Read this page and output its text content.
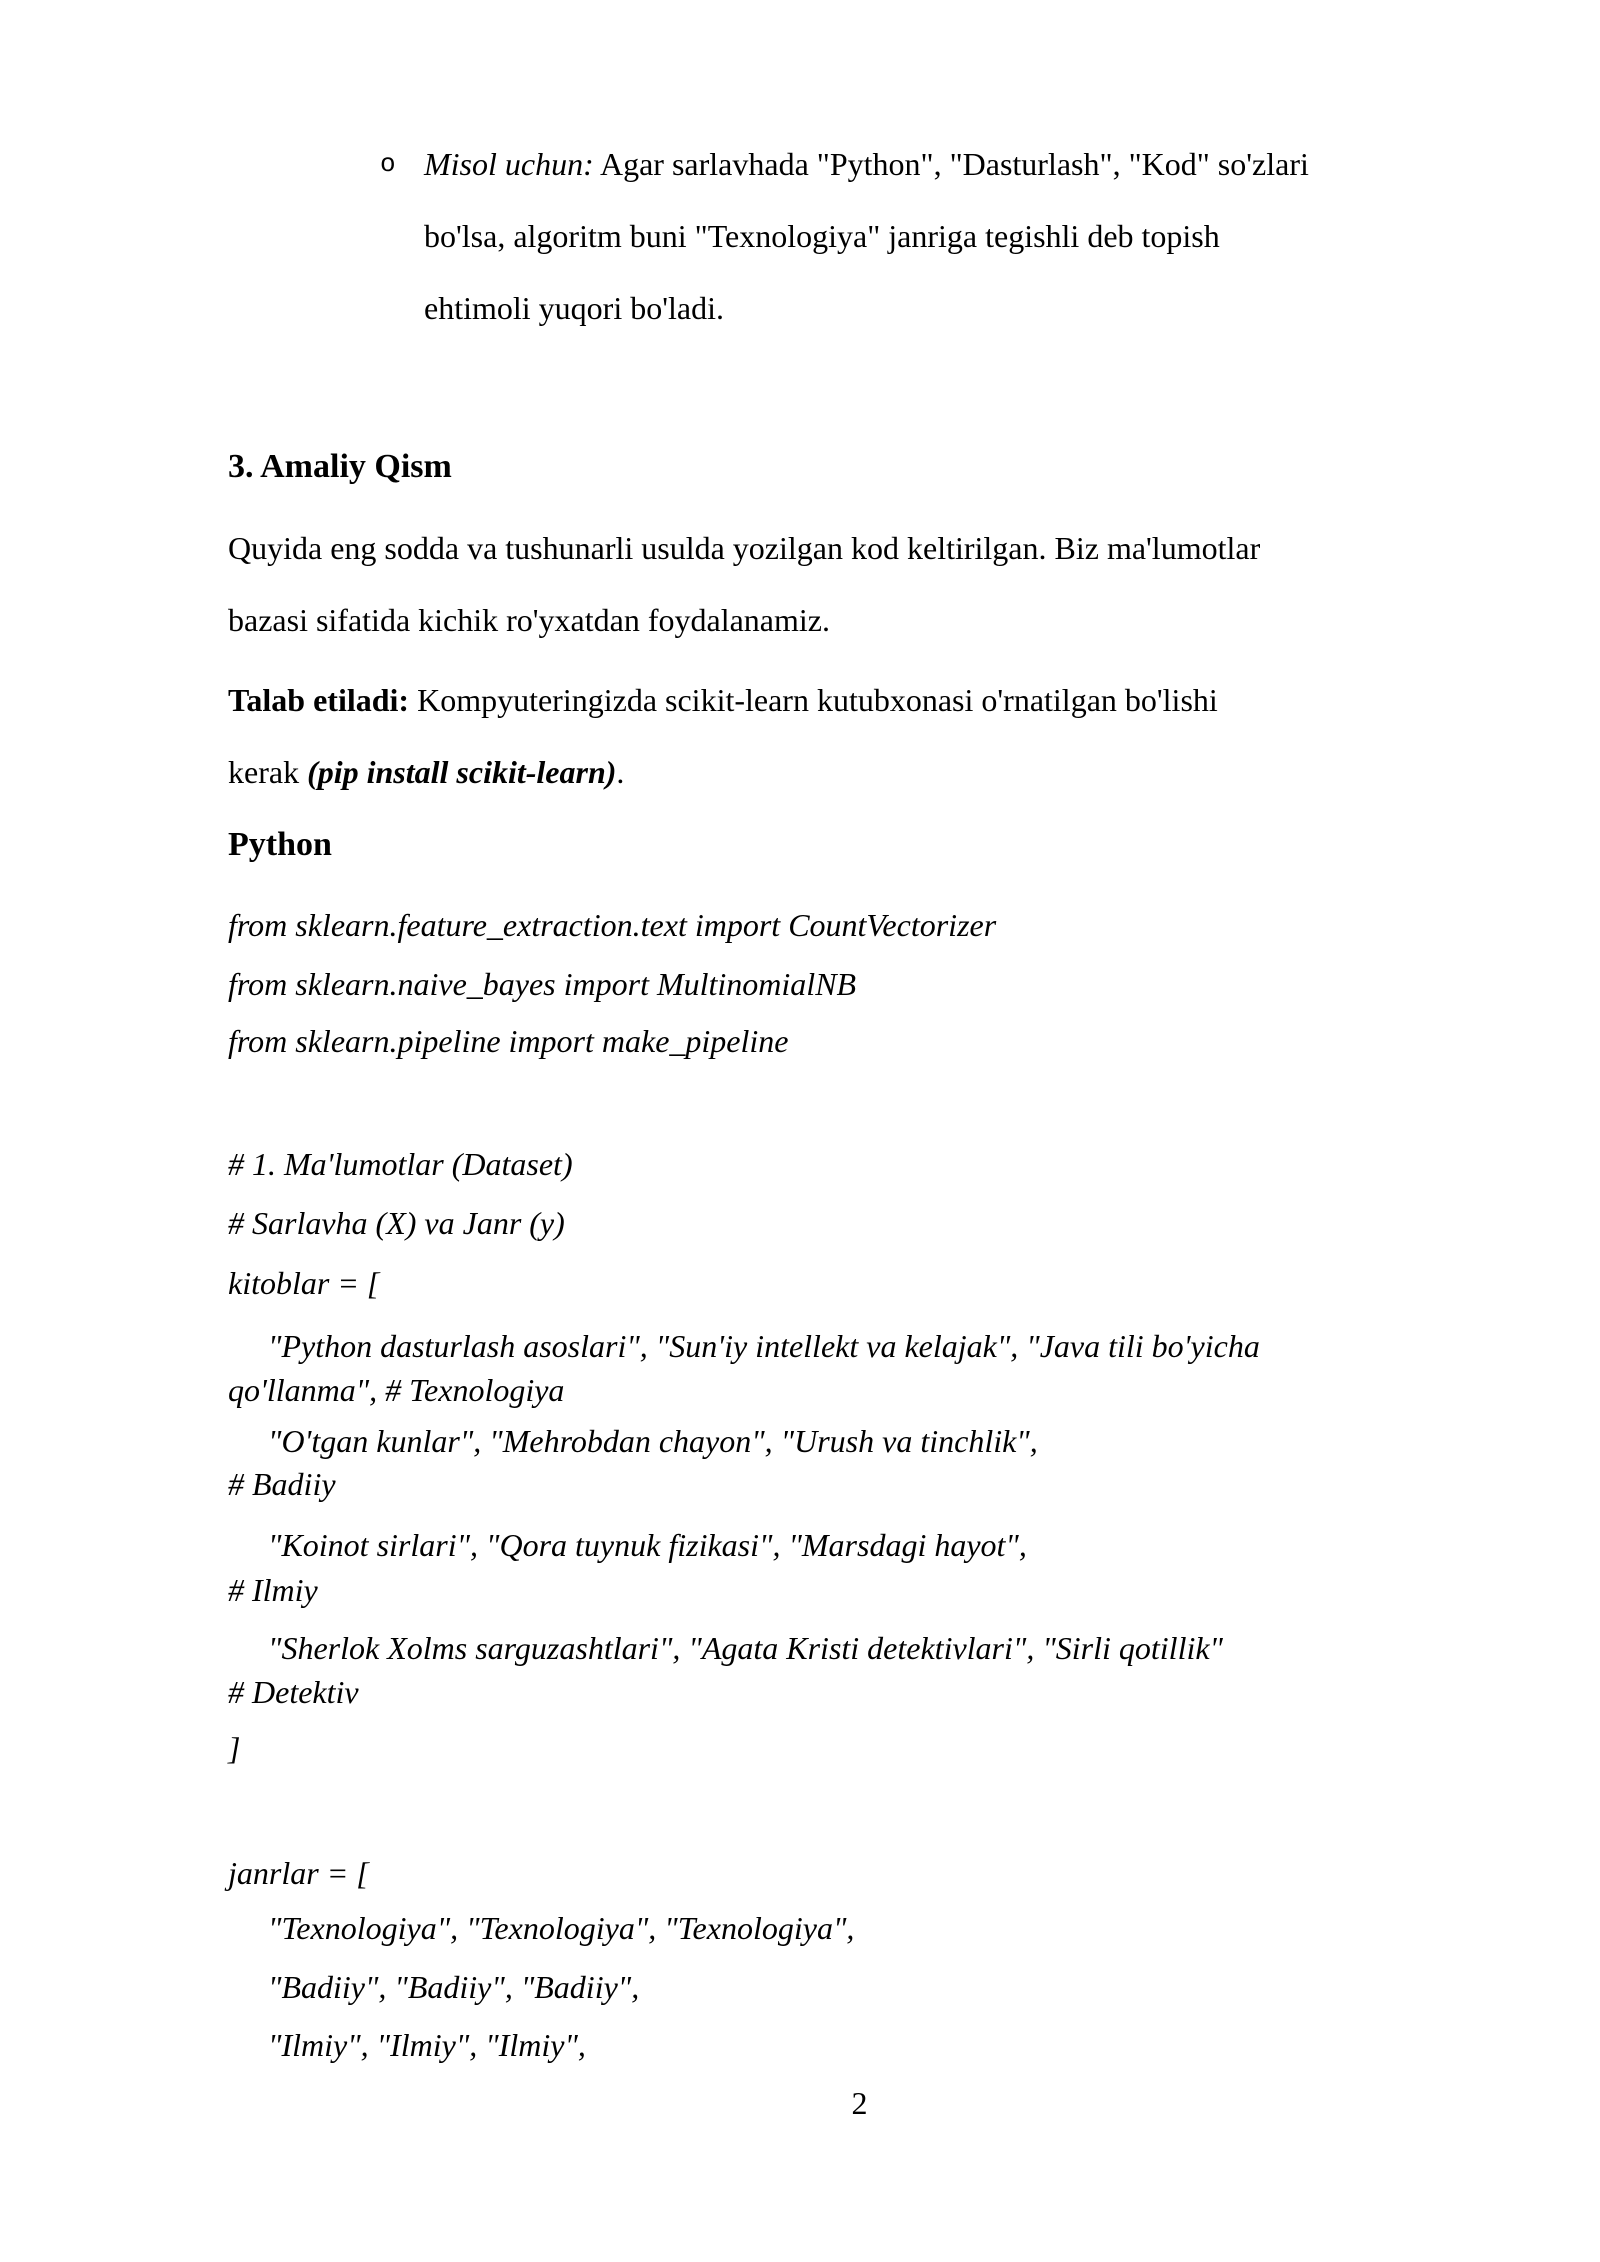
o Misol uchun: Agar sarlavhada "Python", "Dasturlash", "Kod" so'zlari
bo'lsa, algoritm buni "Texnologiya" janriga tegishli deb topish
ehtimoli yuqori bo'ladi.
3. Amaliy Qism
Quyida eng sodda va tushunarli usulda yozilgan kod keltirilgan. Biz ma'lumotlar
bazasi sifatida kichik ro'yxatdan foydalanamiz.
Talab etiladi: Kompyuteringizda scikit-learn kutubxonasi o'rnatilgan bo'lishi
kerak (pip install scikit-learn).
Python
from sklearn.feature_extraction.text import CountVectorizer
from sklearn.naive_bayes import MultinomialNB
from sklearn.pipeline import make_pipeline
# 1. Ma'lumotlar (Dataset)
# Sarlavha (X) va Janr (y)
kitoblar = [
"Python dasturlash asoslari", "Sun'iy intellekt va kelajak", "Java tili bo'yicha
qo'llanma", # Texnologiya
"O'tgan kunlar", "Mehrobdan chayon", "Urush va tinchlik",
# Badiiy
"Koinot sirlari", "Qora tuynuk fizikasi", "Marsdagi hayot",
# Ilmiy
"Sherlok Xolms sarguzashtlari", "Agata Kristi detektivlari", "Sirli qotillik"
# Detektiv
]
janrlar = [
"Texnologiya", "Texnologiya", "Texnologiya",
"Badiiy", "Badiiy", "Badiiy",
"Ilmiy", "Ilmiy", "Ilmiy",
2
